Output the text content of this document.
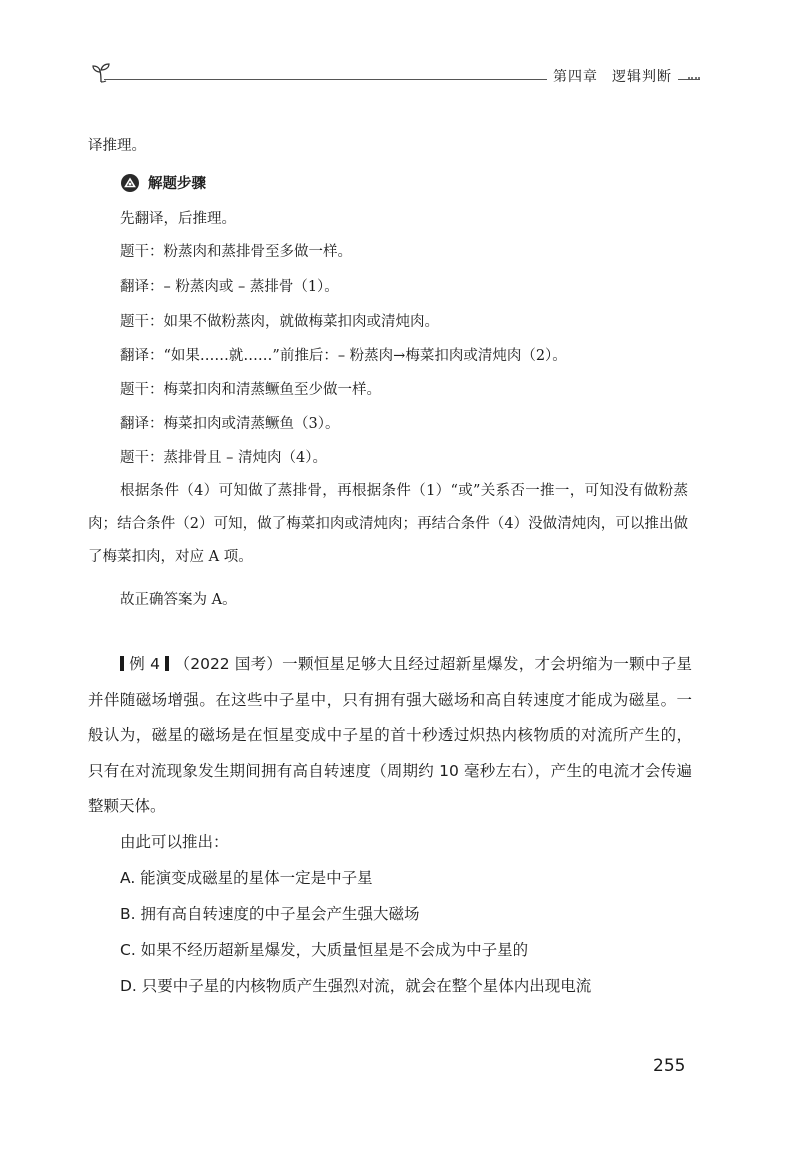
第四章 逻辑判断
译推理。
解题步骤
先翻译，后推理。
题干：粉蒸肉和蒸排骨至多做一样。
翻译：– 粉蒸肉或 – 蒸排骨（1）。
题干：如果不做粉蒸肉，就做梅菜扣肉或清炖肉。
翻译：“如果……就……”前推后：– 粉蒸肉→梅菜扣肉或清炖肉（2）。
题干：梅菜扣肉和清蒸鳜鱼至少做一样。
翻译：梅菜扣肉或清蒸鳜鱼（3）。
题干：蒸排骨且 – 清炖肉（4）。
根据条件（4）可知做了蒸排骨，再根据条件（1）“或”关系否一推一，可知没有做粉蒸肉；结合条件（2）可知，做了梅菜扣肉或清炖肉；再结合条件（4）没做清炖肉，可以推出做了梅菜扣肉，对应 A 项。
故正确答案为 A。
例 4 （2022 国考）一颗恒星足够大且经过超新星爆发，才会坍缩为一颗中子星并伴随磁场增强。在这些中子星中，只有拥有强大磁场和高自转速度才能成为磁星。一般认为，磁星的磁场是在恒星变成中子星的首十秒透过炽热内核物质的对流所产生的，只有在对流现象发生期间拥有高自转速度（周期约 10 毫秒左右），产生的电流才会传遍整颗天体。
由此可以推出：
A. 能演变成磁星的星体一定是中子星
B. 拥有高自转速度的中子星会产生强大磁场
C. 如果不经历超新星爆发，大质量恒星是不会成为中子星的
D. 只要中子星的内核物质产生强烈对流，就会在整个星体内出现电流
255
